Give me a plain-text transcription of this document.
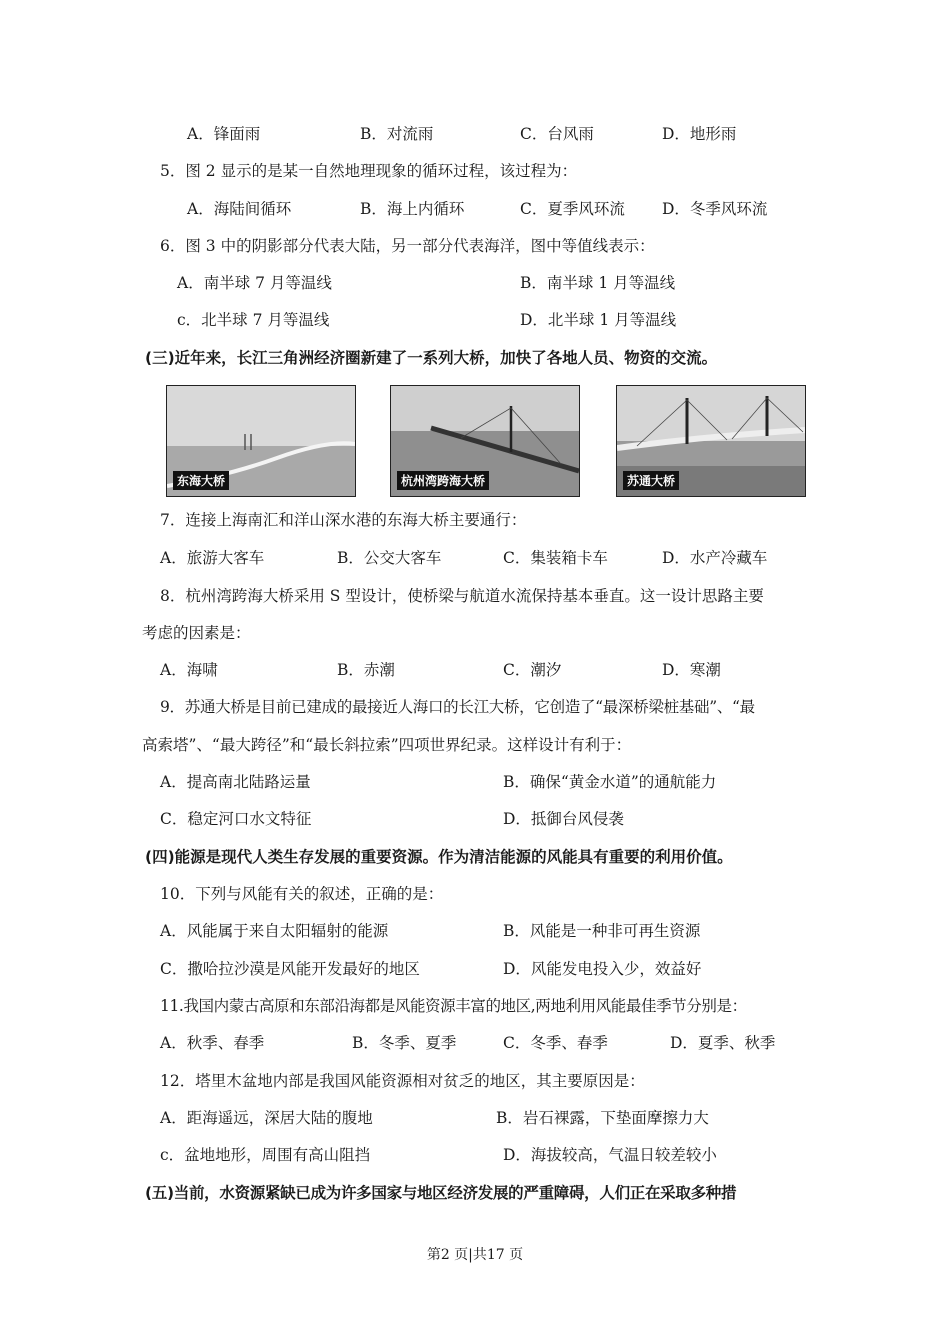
A．锋面雨	B．对流雨	C．台风雨	D．地形雨
5．图 2 显示的是某一自然地理现象的循环过程，该过程为：
A．海陆间循环	B．海上内循环	C．夏季风环流 D．冬季风环流
6．图 3 中的阴影部分代表大陆，另一部分代表海洋，图中等值线表示：
A．南半球 7 月等温线	B．南半球 1 月等温线
c．北半球 7 月等温线	D．北半球 1 月等温线
(三)近年来，长江三角洲经济圈新建了一系列大桥，加快了各地人员、物资的交流。
东海大桥	杭州湾跨海大桥	苏通大桥
7．连接上海南汇和洋山深水港的东海大桥主要通行：
A．旅游大客车	B．公交大客车	C．集装箱卡车	D．水产冷藏车
8．杭州湾跨海大桥采用 S 型设计，使桥梁与航道水流保持基本垂直。这一设计思路主要
考虑的因素是：
A．海啸	B．赤潮	C．潮汐	D．寒潮
9．苏通大桥是目前已建成的最接近人海口的长江大桥，它创造了“最深桥梁桩基础”、“最
高索塔”、“最大跨径”和“最长斜拉索”四项世界纪录。这样设计有利于：
A．提高南北陆路运量	B．确保“黄金水道”的通航能力
C．稳定河口水文特征	D．抵御台风侵袭
(四)能源是现代人类生存发展的重要资源。作为清洁能源的风能具有重要的利用价值。
10．下列与风能有关的叙述，正确的是：
A．风能属于来自太阳辐射的能源	B．风能是一种非可再生资源
C．撒哈拉沙漠是风能开发最好的地区	D．风能发电投入少，效益好
11.我国内蒙古高原和东部沿海都是风能资源丰富的地区,两地利用风能最佳季节分别是：
A．秋季、春季	B．冬季、夏季	C．冬季、春季	D．夏季、秋季
12．塔里木盆地内部是我国风能资源相对贫乏的地区，其主要原因是：
A．距海遥远，深居大陆的腹地	B．岩石裸露，下垫面摩擦力大
c．盆地地形，周围有高山阻挡	D．海拔较高，气温日较差较小
(五)当前，水资源紧缺已成为许多国家与地区经济发展的严重障碍，人们正在采取多种措
第2 页|共17 页
